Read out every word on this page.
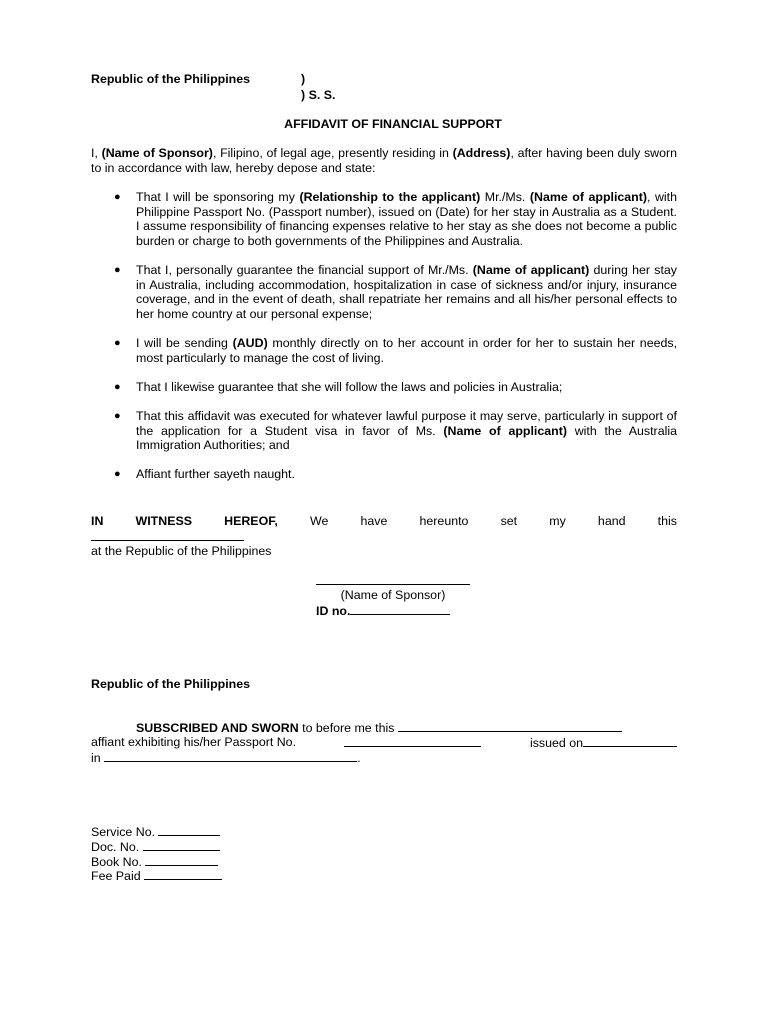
Republic of the Philippines	)
) S. S.
AFFIDAVIT OF FINANCIAL SUPPORT
I, (Name of Sponsor), Filipino, of legal age, presently residing in (Address), after having been duly sworn to in accordance with law, hereby depose and state:
● That I will be sponsoring my (Relationship to the applicant) Mr./Ms. (Name of applicant), with Philippine Passport No. (Passport number), issued on (Date) for her stay in Australia as a Student. I assume responsibility of financing expenses relative to her stay as she does not become a public burden or charge to both governments of the Philippines and Australia.
● That I, personally guarantee the financial support of Mr./Ms. (Name of applicant) during her stay in Australia, including accommodation, hospitalization in case of sickness and/or injury, insurance coverage, and in the event of death, shall repatriate her remains and all his/her personal effects to her home country at our personal expense;
● I will be sending (AUD) monthly directly on to her account in order for her to sustain her needs, most particularly to manage the cost of living.
● That I likewise guarantee that she will follow the laws and policies in Australia;
● That this affidavit was executed for whatever lawful purpose it may serve, particularly in support of the application for a Student visa in favor of Ms. (Name of applicant) with the Australia Immigration Authorities; and
● Affiant further sayeth naught.
IN	WITNESS	HEREOF,	We	have	hereunto	set	my	hand	this
at the Republic of the Philippines
(Name of Sponsor)
ID no.
Republic of the Philippines
SUBSCRIBED AND SWORN to before me this
affiant exhibiting his/her Passport No.	issued on
in	.
Service No.
Doc. No.
Book No.
Fee Paid
